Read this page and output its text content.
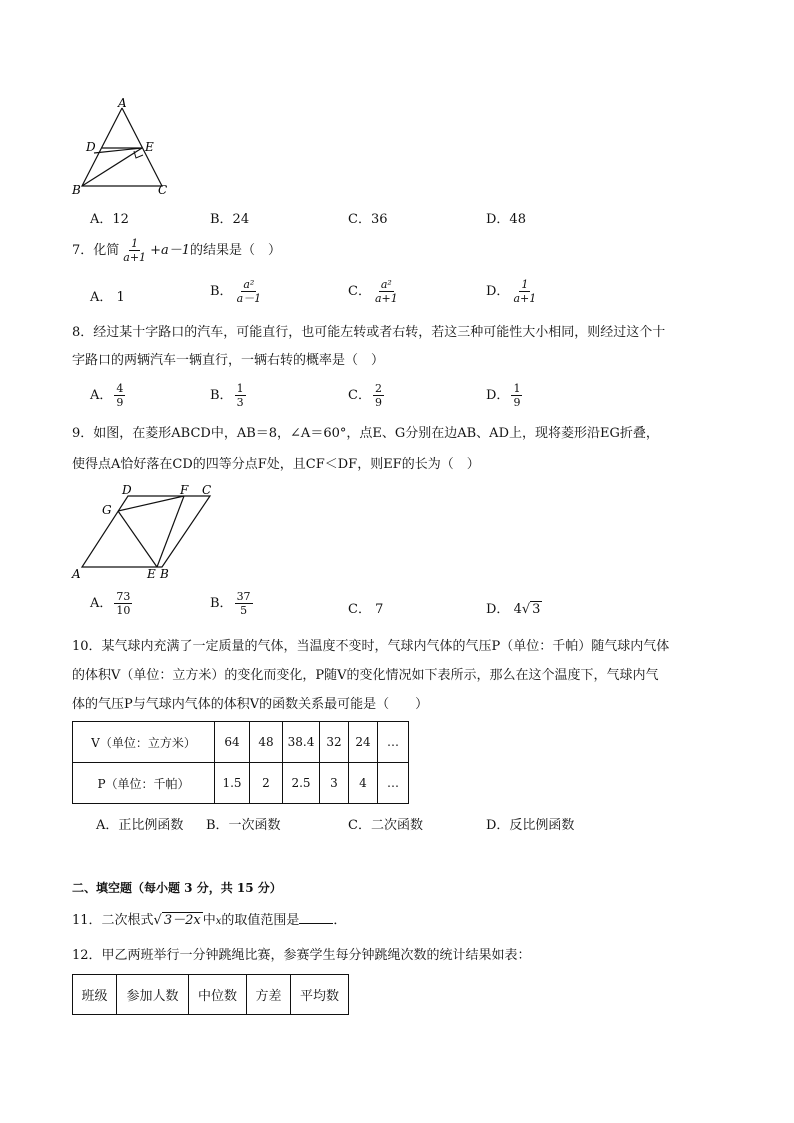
A
D	E
B	C
A．12	B．24	C．36	D．48
7．化简 $\frac{1}{a+1} +a-1$的结果是（　）
A． 1	B． $\frac{\text{a²}}{a-1}$	C． $\frac{\text{a²}}{a+1}$	D． $\frac{1}{a+1}$
8．经过某十字路口的汽车，可能直行，也可能左转或者右转，若这三种可能性大小相同，则经过这个十
字路口的两辆汽车一辆直行，一辆右转的概率是（　）
A． $\frac{4}{9}$	B． $\frac{1}{3}$	C． $\frac{2}{9}$	D． $\frac{1}{9}$
9．如图，在菱形ABCD中，AB＝8，∠A＝60°，点E、G分别在边AB、AD上，现将菱形沿EG折叠，
使得点A恰好落在CD的四等分点F处，且CF＜DF，则EF的长为（　）
D	F C
G
A	E B
A． $\frac{73}{10}$	B． $\frac{37}{5}$	C． 7	D． 4√ 3
10．某气球内充满了一定质量的气体，当温度不变时，气球内气体的气压P（单位：千帕）随气球内气体
的体积V（单位：立方米）的变化而变化，P随V的变化情况如下表所示，那么在这个温度下，气球内气
体的气压P与气球内气体的体积V的函数关系最可能是（　　）
V（单位：立方米）	64	48	38.4	32	24	…
P（单位：千帕）	1.5	2	2.5	3	4	…
A．正比例函数 B．一次函数	C．二次函数	D．反比例函数
二、填空题（每小题 3 分，共 15 分）
11．二次根式√ 3－2x 中x的取值范围是	．
12．甲乙两班举行一分钟跳绳比赛，参赛学生每分钟跳绳次数的统计结果如表：
班级	参加人数	中位数	方差	平均数
